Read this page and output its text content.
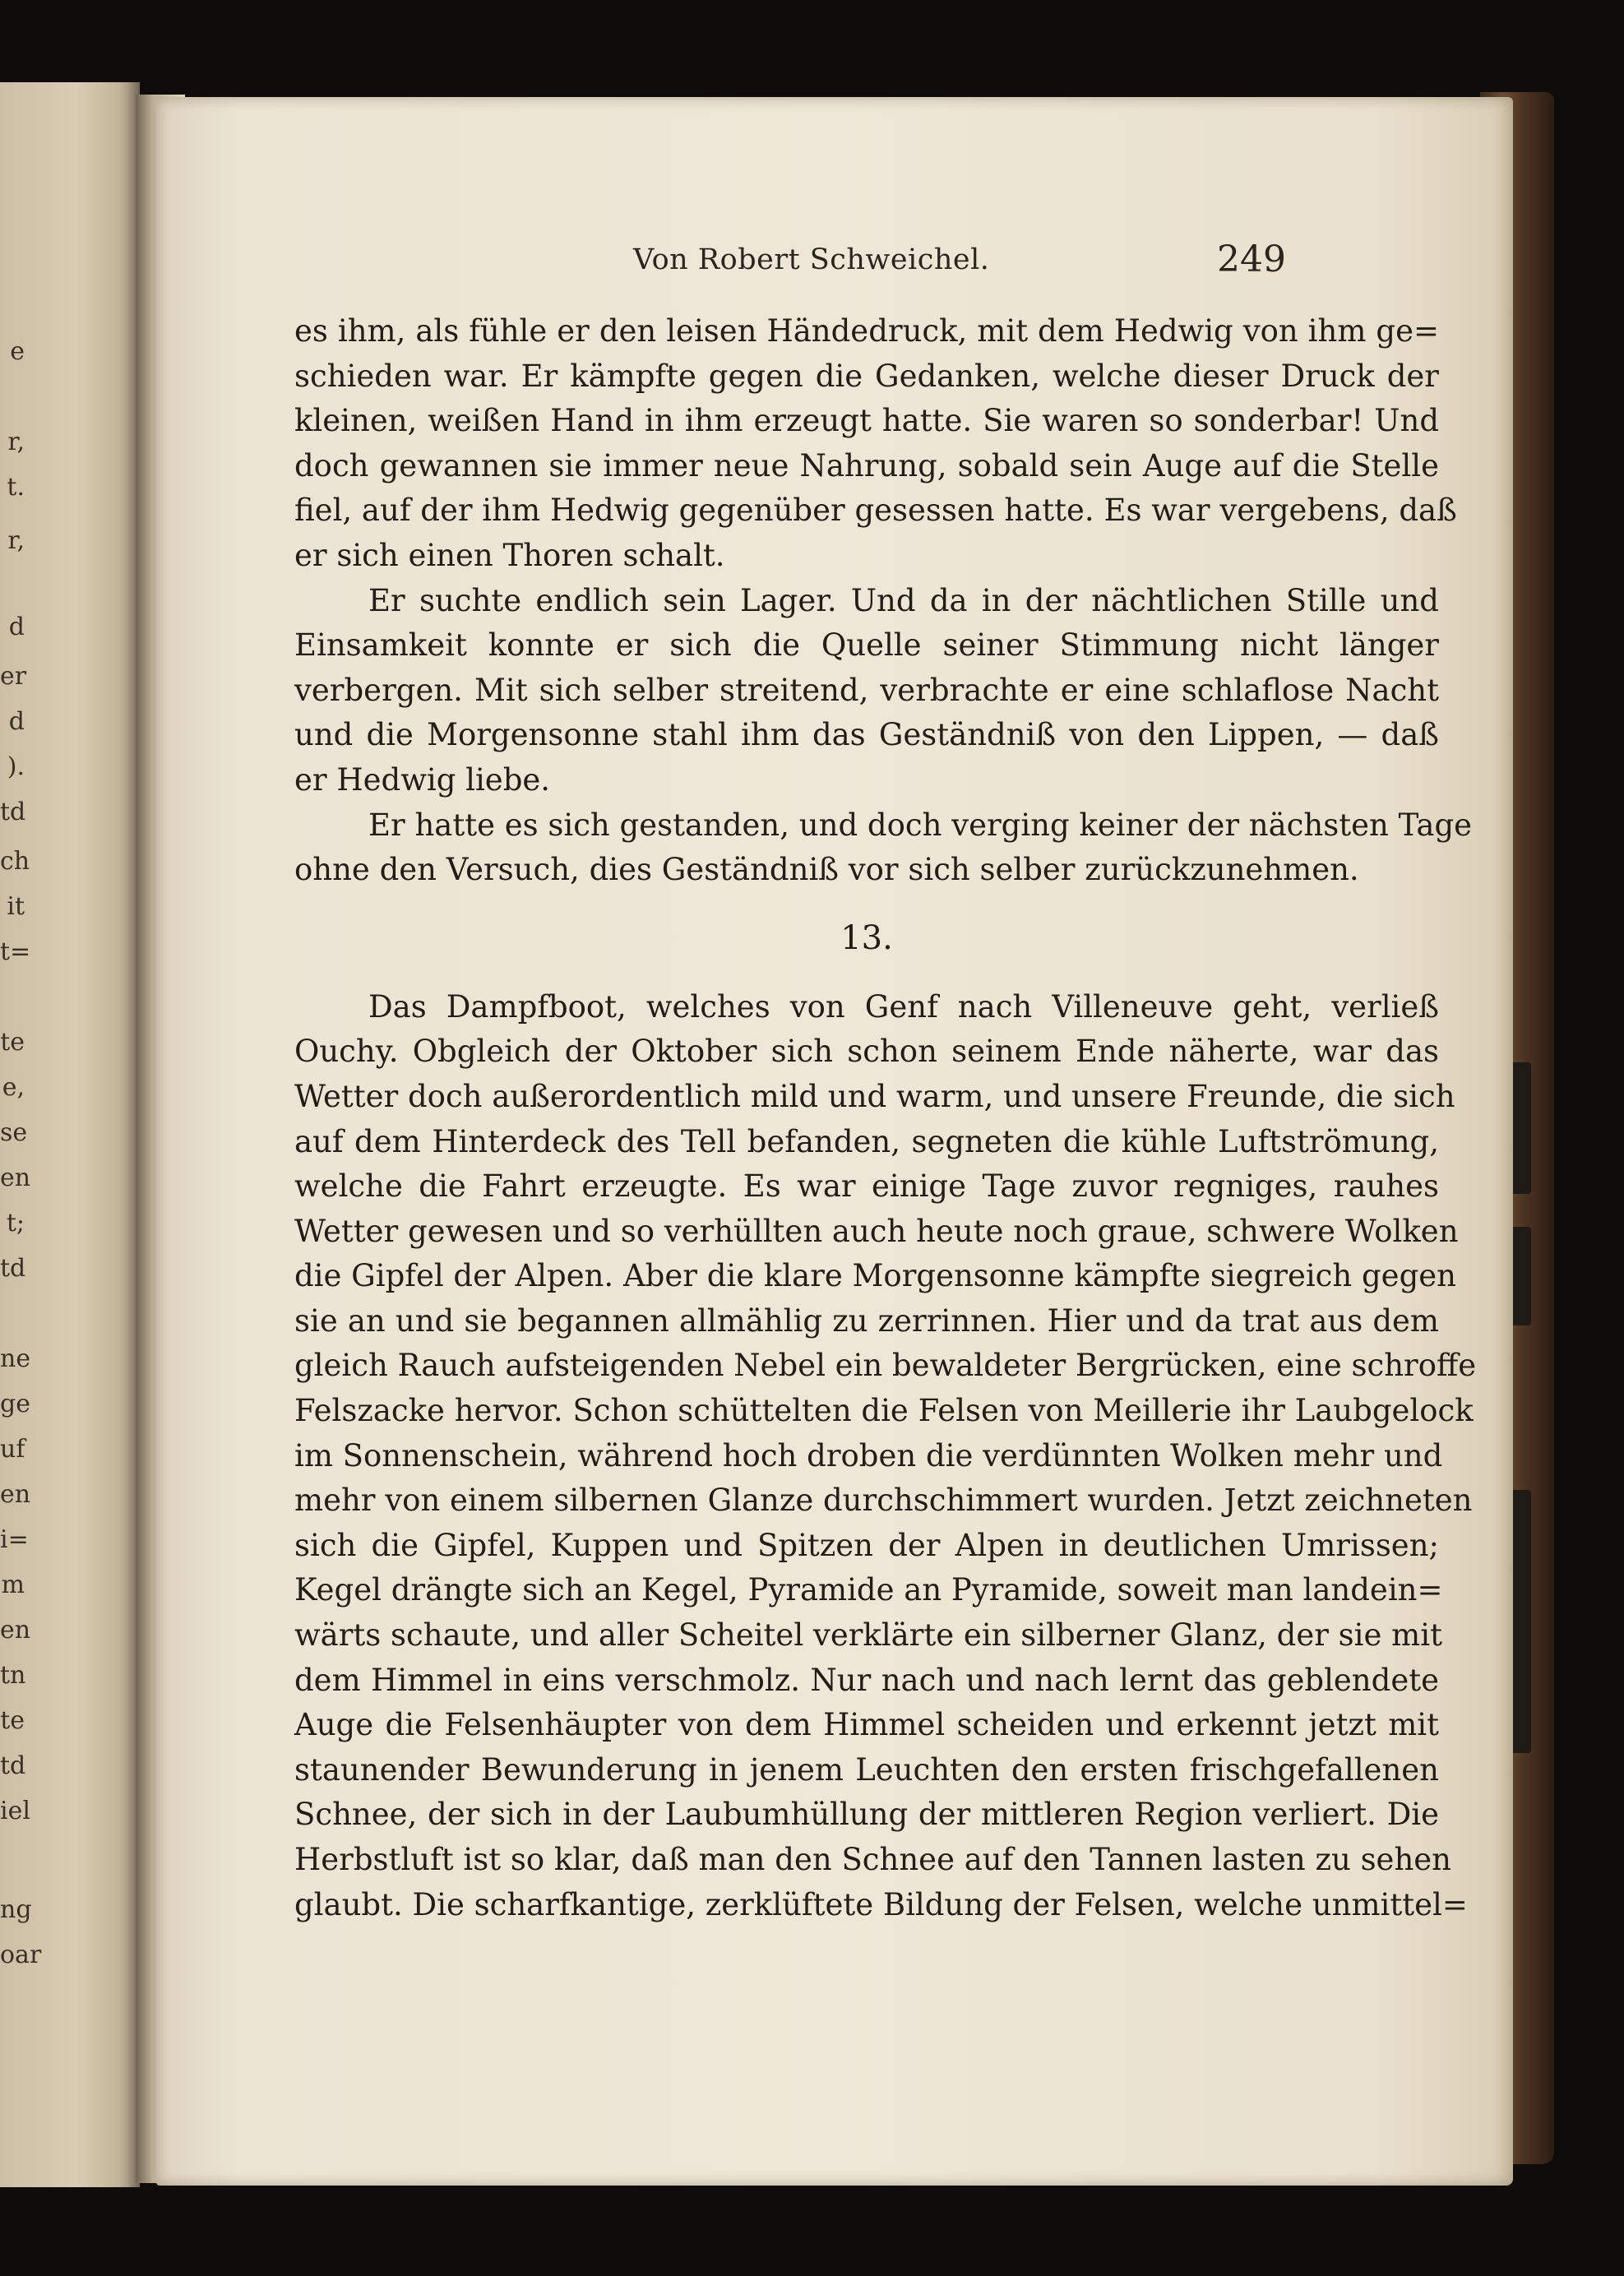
e
r,
t.
r,
d
er
d
).
td
ch
it
t=
te
e,
se
en
t;
td
ne
ge
uf
en
i=
m
en
tn
te
td
iel
ng
oar
Von Robert Schweichel.	249
es ihm, als fühle er den leisen Händedruck, mit dem Hedwig von ihm ge=
schieden war. Er kämpfte gegen die Gedanken, welche dieser Druck der
kleinen, weißen Hand in ihm erzeugt hatte. Sie waren so sonderbar! Und
doch gewannen sie immer neue Nahrung, sobald sein Auge auf die Stelle
fiel, auf der ihm Hedwig gegenüber gesessen hatte. Es war vergebens, daß
er sich einen Thoren schalt.
Er suchte endlich sein Lager. Und da in der nächtlichen Stille und
Einsamkeit konnte er sich die Quelle seiner Stimmung nicht länger
verbergen. Mit sich selber streitend, verbrachte er eine schlaflose Nacht
und die Morgensonne stahl ihm das Geständniß von den Lippen, — daß
er Hedwig liebe.
Er hatte es sich gestanden, und doch verging keiner der nächsten Tage
ohne den Versuch, dies Geständniß vor sich selber zurückzunehmen.
13.
Das Dampfboot, welches von Genf nach Villeneuve geht, verließ
Ouchy. Obgleich der Oktober sich schon seinem Ende näherte, war das
Wetter doch außerordentlich mild und warm, und unsere Freunde, die sich
auf dem Hinterdeck des Tell befanden, segneten die kühle Luftströmung,
welche die Fahrt erzeugte. Es war einige Tage zuvor regniges, rauhes
Wetter gewesen und so verhüllten auch heute noch graue, schwere Wolken
die Gipfel der Alpen. Aber die klare Morgensonne kämpfte siegreich gegen
sie an und sie begannen allmählig zu zerrinnen. Hier und da trat aus dem
gleich Rauch aufsteigenden Nebel ein bewaldeter Bergrücken, eine schroffe
Felszacke hervor. Schon schüttelten die Felsen von Meillerie ihr Laubgelock
im Sonnenschein, während hoch droben die verdünnten Wolken mehr und
mehr von einem silbernen Glanze durchschimmert wurden. Jetzt zeichneten
sich die Gipfel, Kuppen und Spitzen der Alpen in deutlichen Umrissen;
Kegel drängte sich an Kegel, Pyramide an Pyramide, soweit man landein=
wärts schaute, und aller Scheitel verklärte ein silberner Glanz, der sie mit
dem Himmel in eins verschmolz. Nur nach und nach lernt das geblendete
Auge die Felsenhäupter von dem Himmel scheiden und erkennt jetzt mit
staunender Bewunderung in jenem Leuchten den ersten frischgefallenen
Schnee, der sich in der Laubumhüllung der mittleren Region verliert. Die
Herbstluft ist so klar, daß man den Schnee auf den Tannen lasten zu sehen
glaubt. Die scharfkantige, zerklüftete Bildung der Felsen, welche unmittel=
